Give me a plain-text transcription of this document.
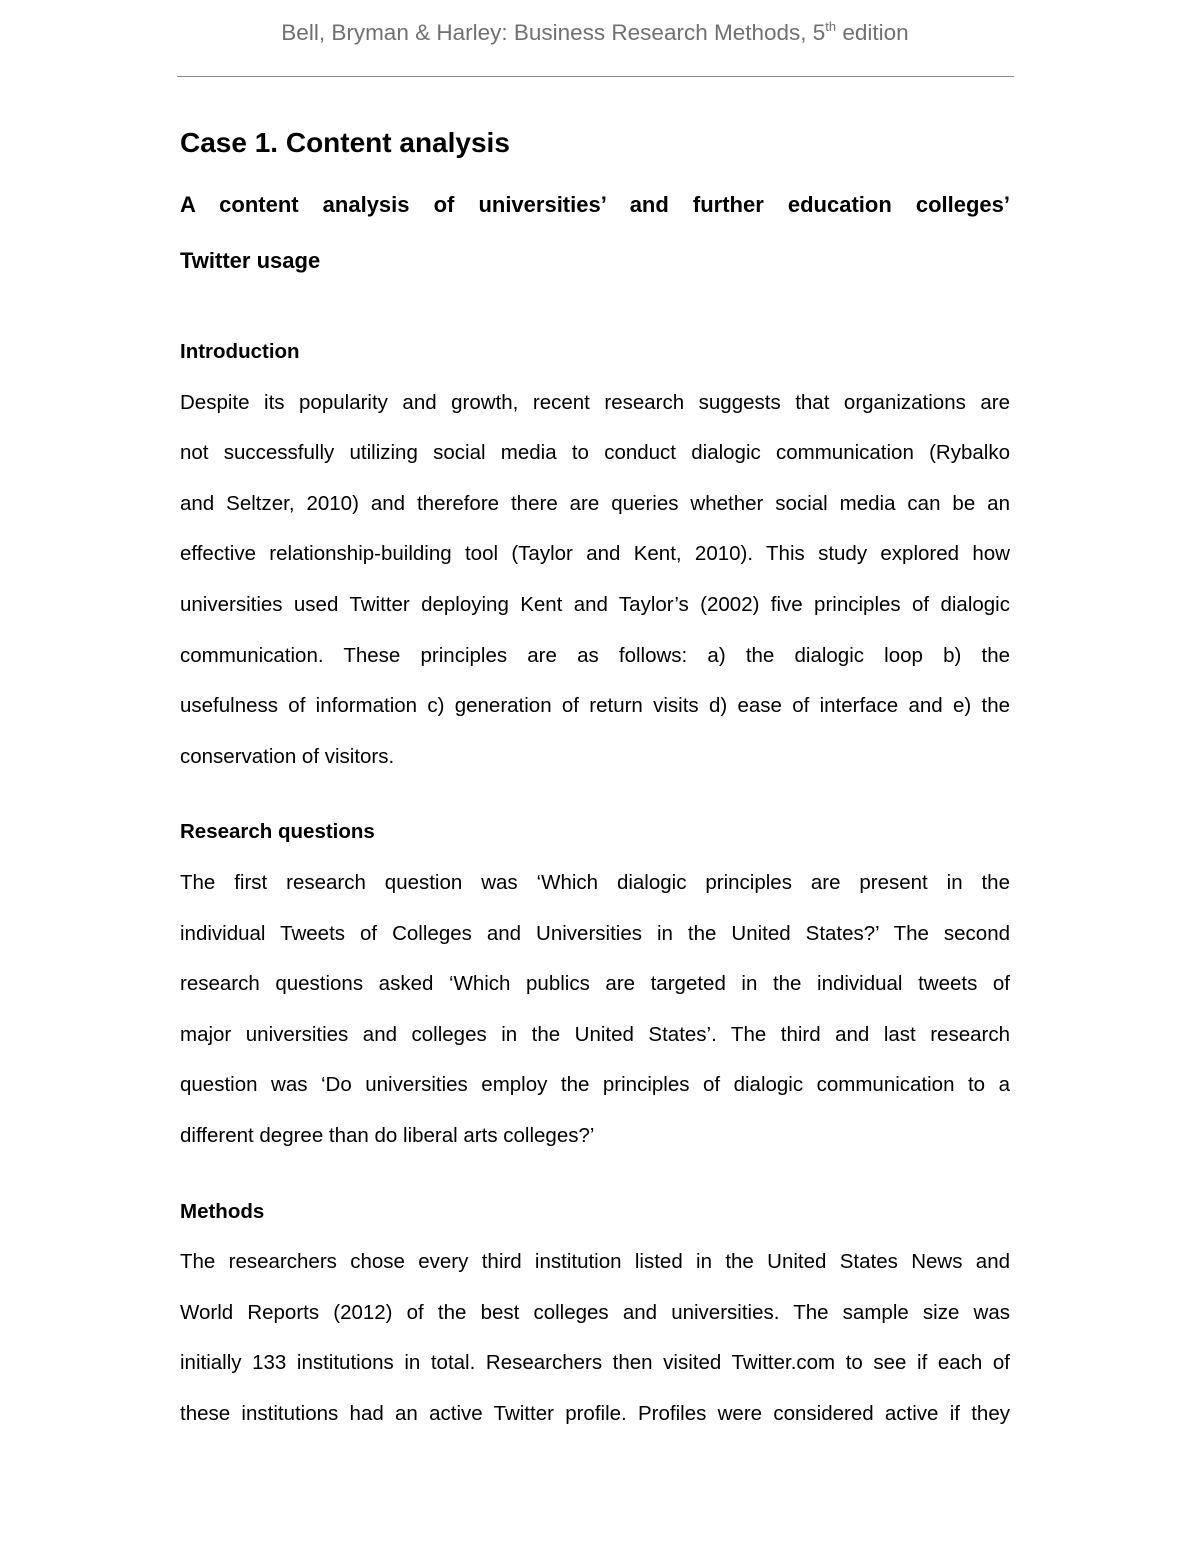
Bell, Bryman & Harley: Business Research Methods, 5th edition
Case 1. Content analysis
A content analysis of universities’ and further education colleges’
Twitter usage
Introduction
Despite its popularity and growth, recent research suggests that organizations are
not successfully utilizing social media to conduct dialogic communication (Rybalko
and Seltzer, 2010) and therefore there are queries whether social media can be an
effective relationship-building tool (Taylor and Kent, 2010). This study explored how
universities used Twitter deploying Kent and Taylor’s (2002) five principles of dialogic
communication. These principles are as follows: a) the dialogic loop b) the
usefulness of information c) generation of return visits d) ease of interface and e) the
conservation of visitors.
Research questions
The first research question was ‘Which dialogic principles are present in the
individual Tweets of Colleges and Universities in the United States?’ The second
research questions asked ‘Which publics are targeted in the individual tweets of
major universities and colleges in the United States’. The third and last research
question was ‘Do universities employ the principles of dialogic communication to a
different degree than do liberal arts colleges?’
Methods
The researchers chose every third institution listed in the United States News and
World Reports (2012) of the best colleges and universities. The sample size was
initially 133 institutions in total. Researchers then visited Twitter.com to see if each of
these institutions had an active Twitter profile. Profiles were considered active if they
